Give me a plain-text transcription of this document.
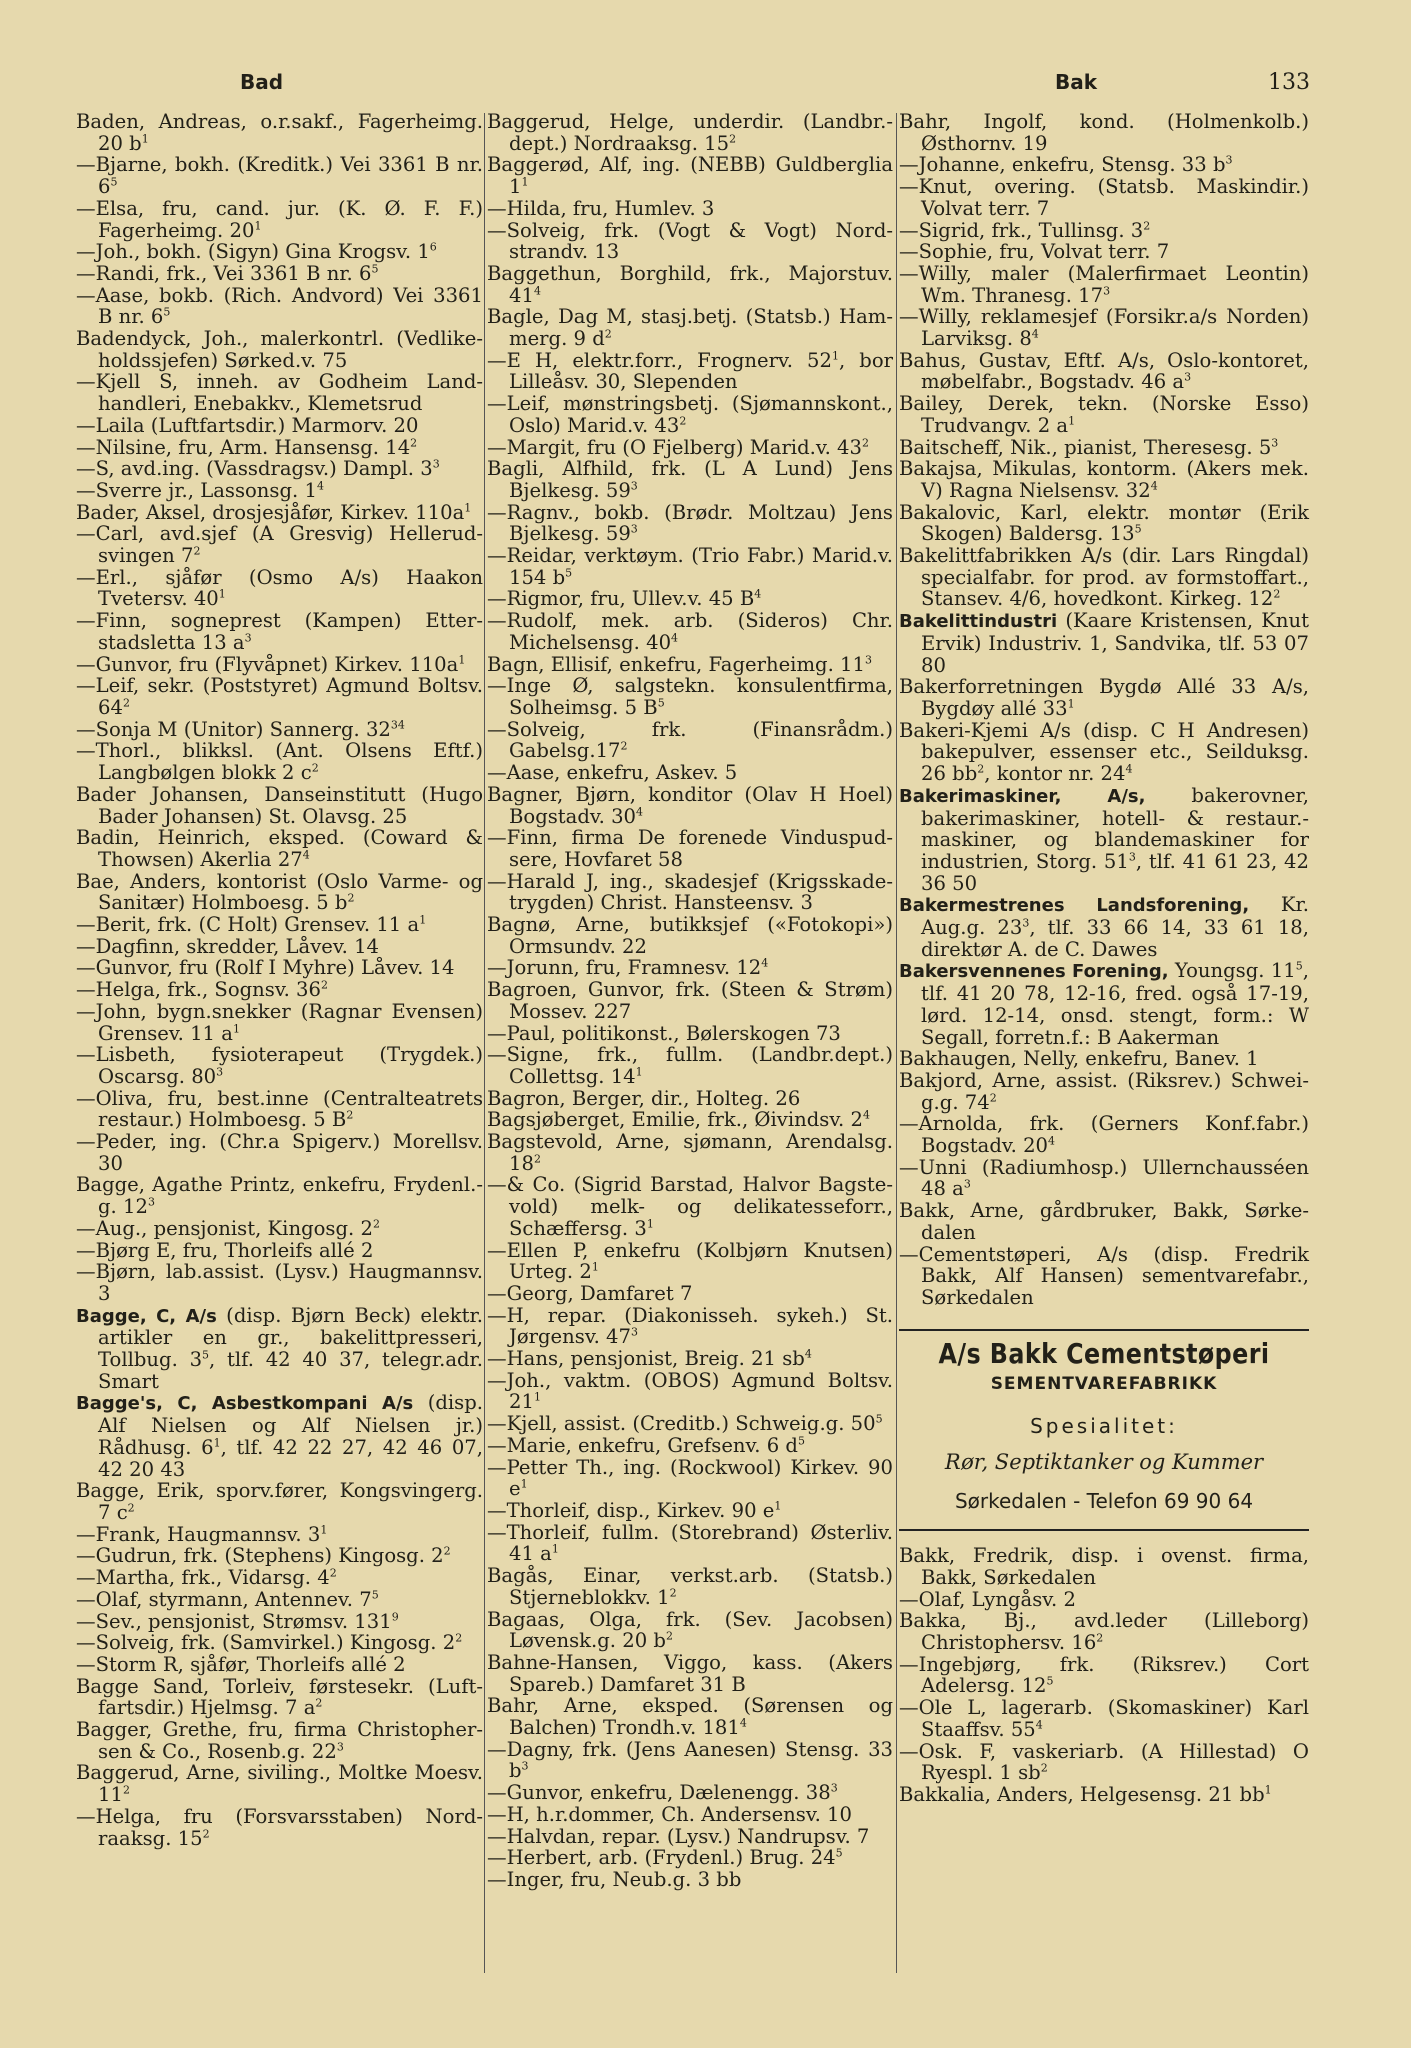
Bad	Bak	133
Baden, Andreas, o.r.sakf., Fagerheimg. 20 $b^1$
—Bjarne, bokh. (Kreditk.) Vei 3361 B nr. $6^5$
—Elsa, fru, cand. jur. (K. Ø. F. F.) Fagerheimg. $20^1$
—Joh., bokh. (Sigyn) Gina Krogsv. $1^6$
—Randi, frk., Vei 3361 B nr. $6^5$
—Aase, bokb. (Rich. Andvord) Vei 3361 B nr. $6^5$
Badendyck, Joh., malerkontrl. (Vedlikeholdssjefen) Sørked.v. 75
—Kjell S, inneh. av Godheim Landhandleri, Enebakkv., Klemetsrud
—Laila (Luftfartsdir.) Marmorv. 20
—Nilsine, fru, Arm. Hansensg. $14^2$
—S, avd.ing. (Vassdragsv.) Dampl. $3^3$
—Sverre jr., Lassonsg. $1^4$
Bader, Aksel, drosjesjåfør, Kirkev. $110a^1$
—Carl, avd.sjef (A Gresvig) Hellerudsvingen $7^2$
—Erl., sjåfør (Osmo A/s) Haakon Tvetersv. $40^1$
—Finn, sogneprest (Kampen) Etterstadsletta 13 $a^3$
—Gunvor, fru (Flyvåpnet) Kirkev. $110a^1$
—Leif, sekr. (Poststyret) Agmund Boltsv. $64^2$
—Sonja M (Unitor) Sannerg. $32^{34}$
—Thorl., blikksl. (Ant. Olsens Eftf.) Langbølgen blokk 2 $c^2$
Bader Johansen, Danseinstitutt (Hugo Bader Johansen) St. Olavsg. 25
Badin, Heinrich, eksped. (Coward & Thowsen) Akerlia $27^4$
Bae, Anders, kontorist (Oslo Varme- og Sanitær) Holmboesg. 5 $b^2$
—Berit, frk. (C Holt) Grensev. 11 $a^1$
—Dagfinn, skredder, Låvev. 14
—Gunvor, fru (Rolf I Myhre) Låvev. 14
—Helga, frk., Sognsv. $36^2$
—John, bygn.snekker (Ragnar Evensen) Grensev. 11 $a^1$
—Lisbeth, fysioterapeut (Trygdek.) Oscarsg. $80^3$
—Oliva, fru, best.inne (Centralteatrets restaur.) Holmboesg. 5 $B^2$
—Peder, ing. (Chr.a Spigerv.) Morellsv. 30
Bagge, Agathe Printz, enkefru, Frydenl.g. $12^3$
—Aug., pensjonist, Kingosg. $2^2$
—Bjørg E, fru, Thorleifs allé 2
—Bjørn, lab.assist. (Lysv.) Haugmannsv. 3
Bagge, C, A/s (disp. Bjørn Beck) elektr. artikler en gr., bakelittpresseri, Tollbug. $3^5$, tlf. 42 40 37, telegr.adr. Smart
Bagge's, C, Asbestkompani A/s (disp. Alf Nielsen og Alf Nielsen jr.) Rådhusg. $6^1$, tlf. 42 22 27, 42 46 07, 42 20 43
Bagge, Erik, sporv.fører, Kongsvingerg. 7 $c^2$
—Frank, Haugmannsv. $3^1$
—Gudrun, frk. (Stephens) Kingosg. $2^2$
—Martha, frk., Vidarsg. $4^2$
—Olaf, styrmann, Antennev. $7^5$
—Sev., pensjonist, Strømsv. $131^9$
—Solveig, frk. (Samvirkel.) Kingosg. $2^2$
—Storm R, sjåfør, Thorleifs allé 2
Bagge Sand, Torleiv, førstesekr. (Luftfartsdir.) Hjelmsg. 7 $a^2$
Bagger, Grethe, fru, firma Christophersen & Co., Rosenb.g. $22^3$
Baggerud, Arne, siviling., Moltke Moesv. $11^2$
—Helga, fru (Forsvarsstaben) Nordraaksg. $15^2$
Baggerud, Helge, underdir. (Landbr.dept.) Nordraaksg. $15^2$
Baggerød, Alf, ing. (NEBB) Guldberglia $1^1$
—Hilda, fru, Humlev. 3
—Solveig, frk. (Vogt & Vogt) Nordstrandv. 13
Baggethun, Borghild, frk., Majorstuv. $41^4$
Bagle, Dag M, stasj.betj. (Statsb.) Hammerg. 9 $d^2$
—E H, elektr.forr., Frognerv. $52^1$, bor Lilleåsv. 30, Slependen
—Leif, mønstringsbetj. (Sjømannskont., Oslo) Marid.v. $43^2$
—Margit, fru (O Fjelberg) Marid.v. $43^2$
Bagli, Alfhild, frk. (L A Lund) Jens Bjelkesg. $59^3$
—Ragnv., bokb. (Brødr. Moltzau) Jens Bjelkesg. $59^3$
—Reidar, verktøym. (Trio Fabr.) Marid.v. 154 $b^5$
—Rigmor, fru, Ullev.v. 45 $B^4$
—Rudolf, mek. arb. (Sideros) Chr. Michelsensg. $40^4$
Bagn, Ellisif, enkefru, Fagerheimg. $11^3$
—Inge Ø, salgstekn. konsulentfirma, Solheimsg. 5 $B^5$
—Solveig, frk. (Finansrådm.) $Gabelsg.17^2$
—Aase, enkefru, Askev. 5
Bagner, Bjørn, konditor (Olav H Hoel) Bogstadv. $30^4$
—Finn, firma De forenede Vinduspudsere, Hovfaret 58
—Harald J, ing., skadesjef (Krigsskadetrygden) Christ. Hansteensv. 3
Bagnø, Arne, butikksjef («Fotokopi») Ormsundv. 22
—Jorunn, fru, Framnesv. $12^4$
Bagroen, Gunvor, frk. (Steen & Strøm) Mossev. 227
—Paul, politikonst., Bølerskogen 73
—Signe, frk., fullm. (Landbr.dept.) Collettsg. $14^1$
Bagron, Berger, dir., Holteg. 26
Bagsjøberget, Emilie, frk., Øivindsv. $2^4$
Bagstevold, Arne, sjømann, Arendalsg. $18^2$
—& Co. (Sigrid Barstad, Halvor Bagstevold) melk- og delikatesseforr., Schæffersg. $3^1$
—Ellen P, enkefru (Kolbjørn Knutsen) Urteg. $2^1$
—Georg, Damfaret 7
—H, repar. (Diakonisseh. sykeh.) St. Jørgensv. $47^3$
—Hans, pensjonist, Breig. 21 $sb^4$
—Joh., vaktm. (OBOS) Agmund Boltsv. $21^1$
—Kjell, assist. (Creditb.) Schweig.g. $50^5$
—Marie, enkefru, Grefsenv. 6 $d^5$
—Petter Th., ing. (Rockwool) Kirkev. 90 $e^1$
—Thorleif, disp., Kirkev. 90 $e^1$
—Thorleif, fullm. (Storebrand) Østerliv. 41 $a^1$
Bagås, Einar, verkst.arb. (Statsb.) Stjerneblokkv. $1^2$
Bagaas, Olga, frk. (Sev. Jacobsen) Løvensk.g. 20 $b^2$
Bahne-Hansen, Viggo, kass. (Akers Spareb.) Damfaret 31 B
Bahr, Arne, eksped. (Sørensen og Balchen) Trondh.v. $181^4$
—Dagny, frk. (Jens Aanesen) Stensg. 33 $b^3$
—Gunvor, enkefru, Dælenengg. $38^3$
—H, h.r.dommer, Ch. Andersensv. 10
—Halvdan, repar. (Lysv.) Nandrupsv. 7
—Herbert, arb. (Frydenl.) Brug. $24^5$
—Inger, fru, Neub.g. 3 bb
Bahr, Ingolf, kond. (Holmenkolb.) Østhornv. 19
—Johanne, enkefru, Stensg. 33 $b^3$
—Knut, overing. (Statsb. Maskindir.) Volvat terr. 7
—Sigrid, frk., Tullinsg. $3^2$
—Sophie, fru, Volvat terr. 7
—Willy, maler (Malerfirmaet Leontin) Wm. Thranesg. $17^3$
—Willy, reklamesjef (Forsikr.a/s Norden) Larviksg. $8^4$
Bahus, Gustav, Eftf. A/s, Oslo-kontoret, møbelfabr., Bogstadv. 46 $a^3$
Bailey, Derek, tekn. (Norske Esso) Trudvangv. 2 $a^1$
Baitscheff, Nik., pianist, Theresesg. $5^3$
Bakajsa, Mikulas, kontorm. (Akers mek. V) Ragna Nielsensv. $32^4$
Bakalovic, Karl, elektr. montør (Erik Skogen) Baldersg. $13^5$
Bakelittfabrikken A/s (dir. Lars Ringdal) specialfabr. for prod. av formstoffart., Stansev. 4/6, hovedkont. Kirkeg. $12^2$
Bakelittindustri (Kaare Kristensen, Knut Ervik) Industriv. 1, Sandvika, tlf. 53 07 80
Bakerforretningen Bygdø Allé 33 A/s, Bygdøy allé $33^1$
Bakeri-Kjemi A/s (disp. C H Andresen) bakepulver, essenser etc., Seilduksg. 26 $bb^2$, kontor nr. $24^4$
Bakerimaskiner, A/s, bakerovner, bakerimaskiner, hotell- & restaur.maskiner, og blandemaskiner for industrien, Storg. $51^3$, tlf. 41 61 23, 42 36 50
Bakermestrenes Landsforening, Kr. Aug.g. $23^3$, tlf. 33 66 14, 33 61 18, direktør A. de C. Dawes
Bakersvennenes Forening, Youngsg. $11^5$, tlf. 41 20 78, 12-16, fred. også 17-19, lørd. 12-14, onsd. stengt, form.: W Segall, forretn.f.: B Aakerman
Bakhaugen, Nelly, enkefru, Banev. 1
Bakjord, Arne, assist. (Riksrev.) Schweig.g. $74^2$
—Arnolda, frk. (Gerners Konf.fabr.) Bogstadv. $20^4$
—Unni (Radiumhosp.) Ullernchausséen 48 $a^3$
Bakk, Arne, gårdbruker, Bakk, Sørkedalen
—Cementstøperi, A/s (disp. Fredrik Bakk, Alf Hansen) sementvarefabr., Sørkedalen
A/s Bakk Cementstøperi
SEMENTVAREFABRIKK
Spesialitet:
Rør, Septiktanker og Kummer
Sørkedalen - Telefon 69 90 64
Bakk, Fredrik, disp. i ovenst. firma, Bakk, Sørkedalen
—Olaf, Lyngåsv. 2
Bakka, Bj., avd.leder (Lilleborg) Christophersv. $16^2$
—Ingebjørg, frk. (Riksrev.) Cort Adelersg. $12^5$
—Ole L, lagerarb. (Skomaskiner) Karl Staaffsv. $55^4$
—Osk. F, vaskeriarb. (A Hillestad) O Ryespl. 1 $sb^2$
Bakkalia, Anders, Helgesensg. 21 $bb^1$
